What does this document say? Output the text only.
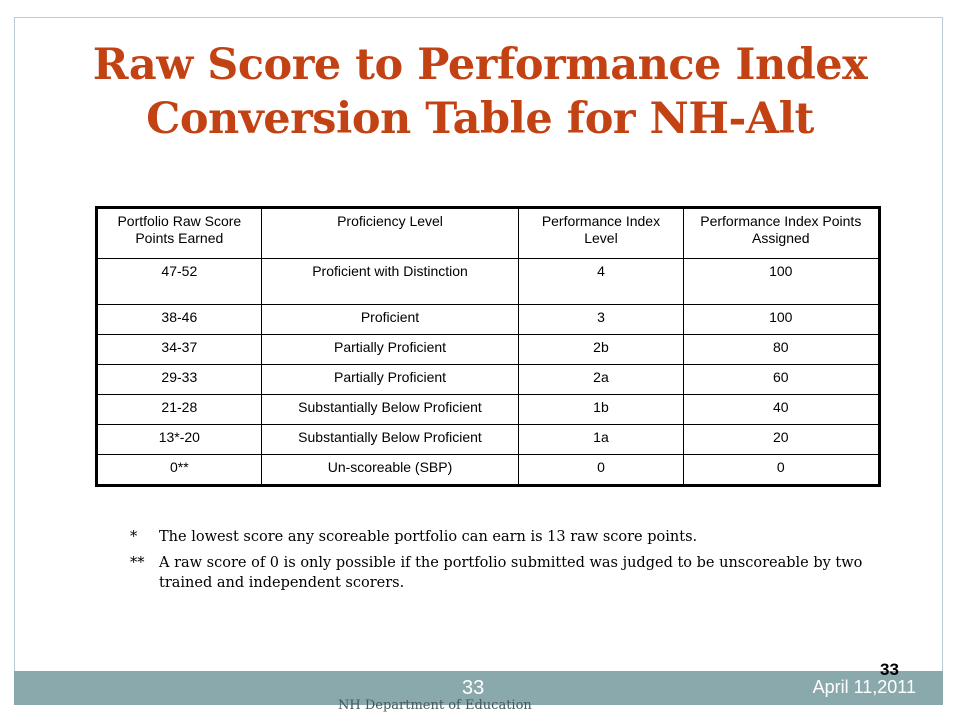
Raw Score to Performance Index
Conversion Table for NH-Alt
Portfolio Raw Score Points Earned	Proficiency Level	Performance Index Level	Performance Index Points Assigned
47-52	Proficient with Distinction	4	100
38-46	Proficient	3	100
34-37	Partially Proficient	2b	80
29-33	Partially Proficient	2a	60
21-28	Substantially Below Proficient	1b	40
13*-20	Substantially Below Proficient	1a	20
0**	Un-scoreable (SBP)	0	0
*	The lowest score any scoreable portfolio can earn is 13 raw score points.
**	A raw score of 0 is only possible if the portfolio submitted was judged to be unscoreable by two trained and independent scorers.
33	April 11,2011
NH Department of Education
33
